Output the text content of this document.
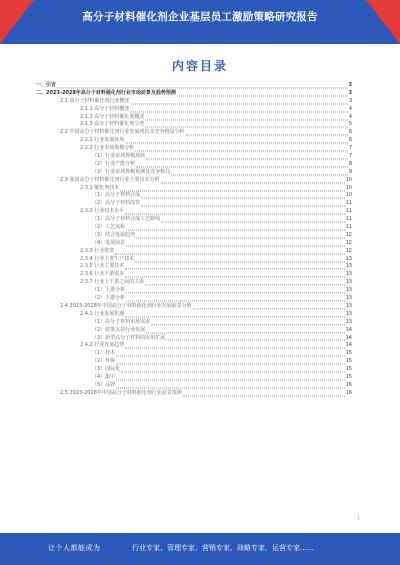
高分子材料催化剂企业基层员工激励策略研究报告
内容目录
一、引言	3
二、2023-2028年高分子材料催化剂行业市场前景及趋势预测	3
2.1 高分子材料催化剂行业概述	3
2.1.1 高分子材料概述	4
2.1.2 高分子材料催化剂概述	4
2.1.3 高分子材料催化剂分类	5
2.2 中国高分子材料催化剂行业发展现状及竞争格局分析	6
2.2.1 行业发展环境	6
2.2.2 行业市场规模分析	7
（1）行业市场规模现状	7
（2）行业产能分析	8
（3）行业市场规模预测及竞争格局	9
2.3 我国高分子材料催化剂行业主要技术分析	10
2.3.1 催化剂技术	10
（1）高分子材料合成	10
（2）高分子材料改性	11
2.3.2 行业技术水平	11
（1）高分子材料合成工艺路线	11
（2）工艺流程	11
（3）结合发展趋势	12
（4）发展前景	12
2.3.3 行业壁垒	12
2.3.4 行业主要生产技术	13
2.3.5 行业主要技术	13
2.3.6 行业下游需求	13
2.3.7 行业上下游之间的关系	13
（1）上游分析	13
（2）下游分析	13
2.4 2023-2028年中国高分子材料催化剂行业发展前景分析	13
2.4.1 行业发展机遇	13
（1）高分子材料市场需求	13
（2）政策支持行业发展	14
（3）新型高分子材料的应用扩展	14
2.4.2 行业发展趋势	14
（1）技术	15
（2）环保	15
（3）国际化	15
（4）集中	15
（5）品牌	16
2.5 2023-2028年中国高分子材料催化剂行业前景预测	16
1
让个人都能成为	行业专家、管理专家、营销专家、战略专家、运营专家……
